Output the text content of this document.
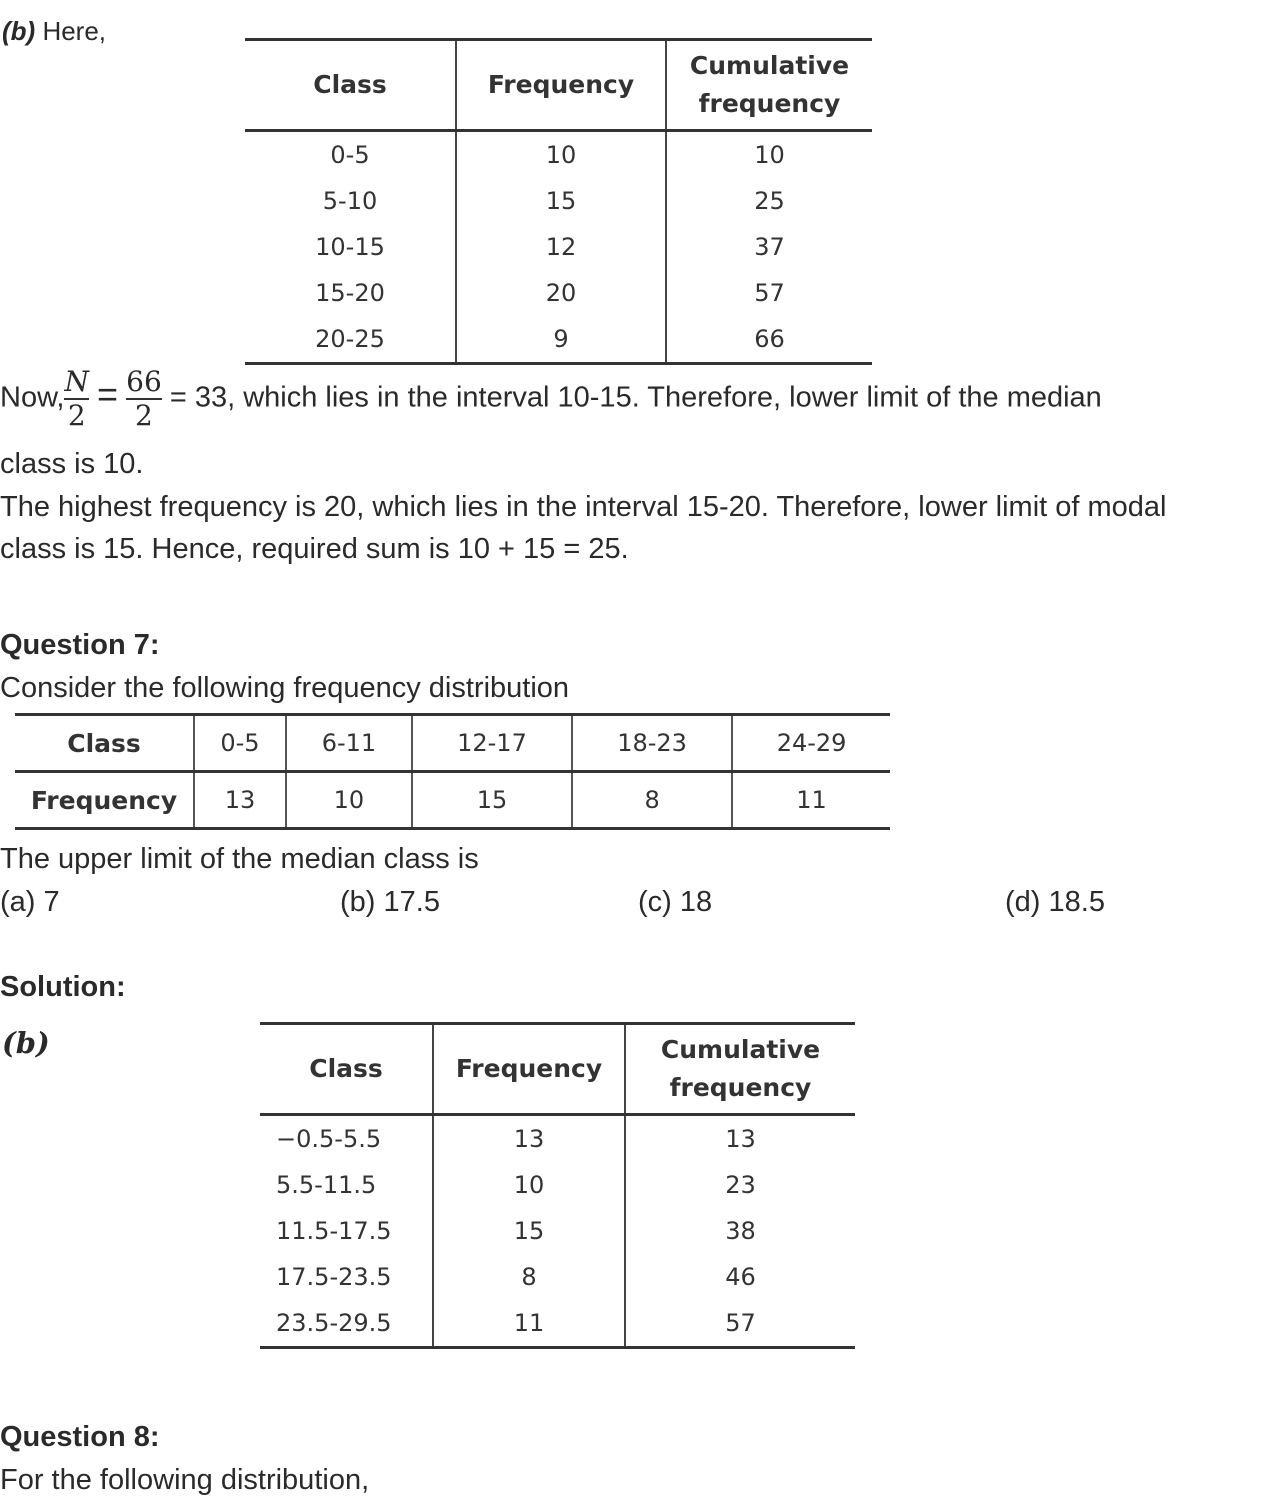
(b) Here,
Class	Frequency	Cumulative frequency
0-5	10	10
5-10	15	25
10-15	12	37
15-20	20	57
20-25	9	66
Now, $\frac{N}{2} = \frac{66}{2} = 33$, which lies in the interval 10-15. Therefore, lower limit of the median
class is 10.
The highest frequency is 20, which lies in the interval 15-20. Therefore, lower limit of modal
class is 15. Hence, required sum is 10 + 15 = 25.
Question 7:
Consider the following frequency distribution
Class	0-5	6-11	12-17	18-23	24-29
Frequency	13	10	15	8	11
The upper limit of the median class is
(a) 7	(b) 17.5	(c) 18	(d) 18.5
Solution:
(b)
Class	Frequency	Cumulative frequency
−0.5-5.5	13	13
5.5-11.5	10	23
11.5-17.5	15	38
17.5-23.5	8	46
23.5-29.5	11	57
Question 8:
For the following distribution,
